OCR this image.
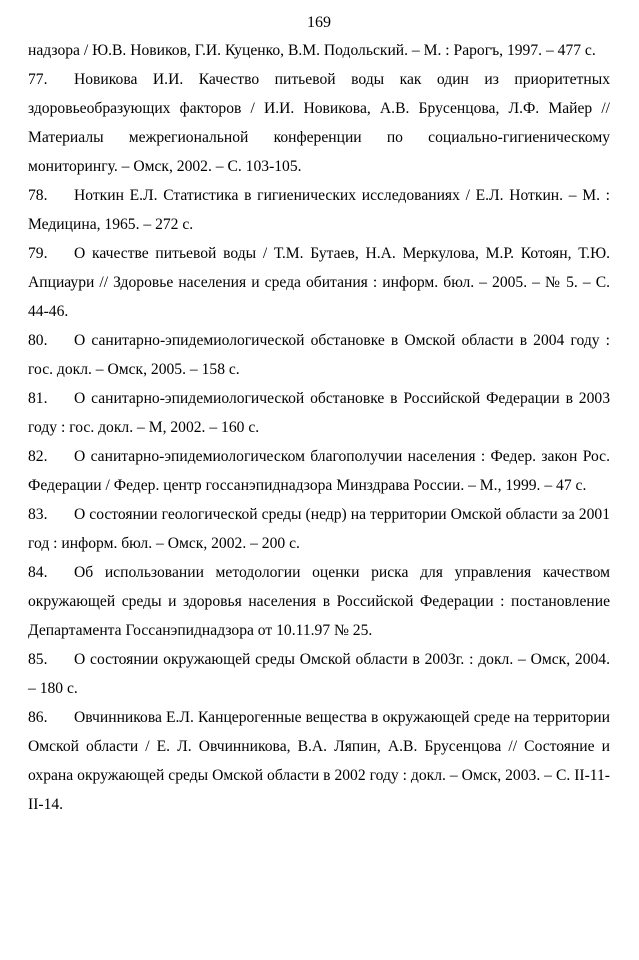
169

надзора / Ю.В. Новиков, Г.И. Куценко, В.М. Подольский. – М. : Рарогъ, 1997. – 477 с.

77. Новикова И.И. Качество питьевой воды как один из приоритетных здоровьеобразующих факторов / И.И. Новикова, А.В. Брусенцова, Л.Ф. Майер // Материалы межрегиональной конференции по социально-гигиеническому мониторингу. – Омск, 2002. – С. 103-105.

78. Ноткин Е.Л. Статистика в гигиенических исследованиях / Е.Л. Ноткин. – М. : Медицина, 1965. – 272 с.

79. О качестве питьевой воды / Т.М. Бутаев, Н.А. Меркулова, М.Р. Котоян, Т.Ю. Апциаури // Здоровье населения и среда обитания : информ. бюл. – 2005. – № 5. – С. 44-46.

80. О санитарно-эпидемиологической обстановке в Омской области в 2004 году : гос. докл. – Омск, 2005. – 158 с.

81. О санитарно-эпидемиологической обстановке в Российской Федерации в 2003 году : гос. докл. – М, 2002. – 160 с.

82. О санитарно-эпидемиологическом благополучии населения : Федер. закон Рос. Федерации / Федер. центр госсанэпиднадзора Минздрава России. – М., 1999. – 47 с.

83. О состоянии геологической среды (недр) на территории Омской области за 2001 год : информ. бюл. – Омск, 2002. – 200 с.

84. Об использовании методологии оценки риска для управления качеством окружающей среды и здоровья населения в Российской Федерации : постановление Департамента Госсанэпиднадзора от 10.11.97 № 25.

85. О состоянии окружающей среды Омской области в 2003г. : докл. – Омск, 2004. – 180 с.

86. Овчинникова Е.Л. Канцерогенные вещества в окружающей среде на территории Омской области / Е. Л. Овчинникова, В.А. Ляпин, А.В. Брусенцова // Состояние и охрана окружающей среды Омской области в 2002 году : докл. – Омск, 2003. – С. II-11-II-14.
